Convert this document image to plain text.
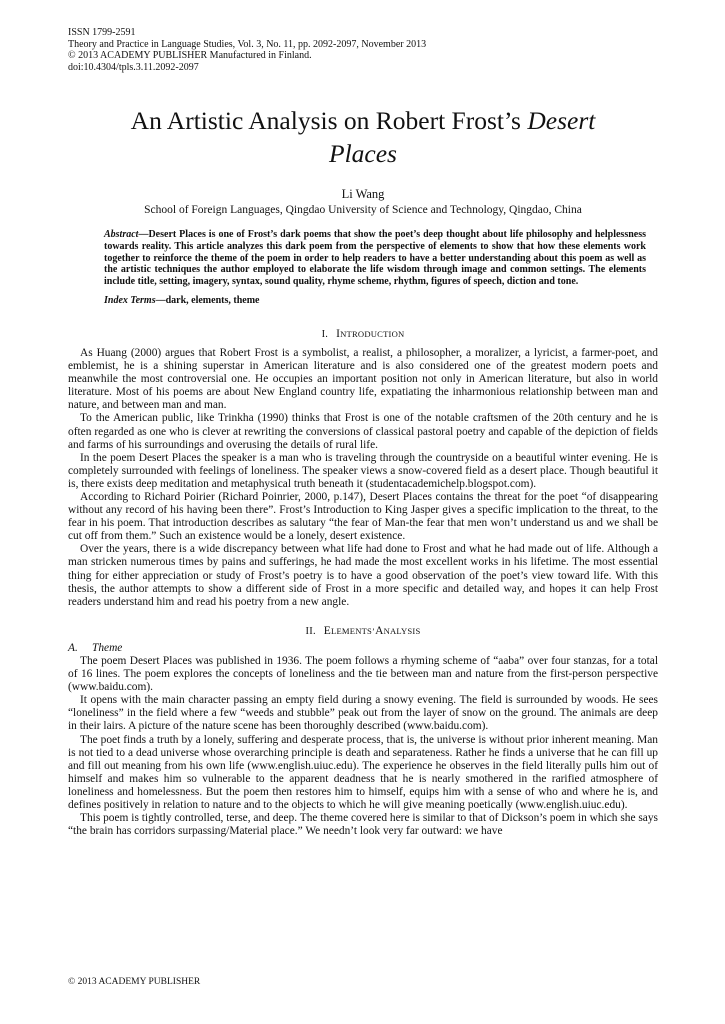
ISSN 1799-2591
Theory and Practice in Language Studies, Vol. 3, No. 11, pp. 2092-2097, November 2013
© 2013 ACADEMY PUBLISHER Manufactured in Finland.
doi:10.4304/tpls.3.11.2092-2097
An Artistic Analysis on Robert Frost’s Desert
Places
Li Wang
School of Foreign Languages, Qingdao University of Science and Technology, Qingdao, China
Abstract—Desert Places is one of Frost’s dark poems that show the poet’s deep thought about life philosophy and helplessness towards reality. This article analyzes this dark poem from the perspective of elements to show that how these elements work together to reinforce the theme of the poem in order to help readers to have a better understanding about this poem as well as the artistic techniques the author employed to elaborate the life wisdom through image and common settings. The elements include title, setting, imagery, syntax, sound quality, rhyme scheme, rhythm, figures of speech, diction and tone.
Index Terms—dark, elements, theme
I. INTRODUCTION

As Huang (2000) argues that Robert Frost is a symbolist, a realist, a philosopher, a moralizer, a lyricist, a farmer-poet, and emblemist, he is a shining superstar in American literature and is also considered one of the greatest modern poets and meanwhile the most controversial one. He occupies an important position not only in American literature, but also in world literature. Most of his poems are about New England country life, expatiating the inharmonious relationship between man and nature, and between man and man.

To the American public, like Trinkha (1990) thinks that Frost is one of the notable craftsmen of the 20th century and he is often regarded as one who is clever at rewriting the conversions of classical pastoral poetry and capable of the depiction of fields and farms of his surroundings and overusing the details of rural life.

In the poem Desert Places the speaker is a man who is traveling through the countryside on a beautiful winter evening. He is completely surrounded with feelings of loneliness. The speaker views a snow-covered field as a desert place. Though beautiful it is, there exists deep meditation and metaphysical truth beneath it (studentacademichelp.blogspot.com).

According to Richard Poirier (Richard Poinrier, 2000, p.147), Desert Places contains the threat for the poet “of disappearing without any record of his having been there”. Frost’s Introduction to King Jasper gives a specific implication to the threat, to the fear in his poem. That introduction describes as salutary “the fear of Man-the fear that men won’t understand us and we shall be cut off from them.” Such an existence would be a lonely, desert existence.

Over the years, there is a wide discrepancy between what life had done to Frost and what he had made out of life. Although a man stricken numerous times by pains and sufferings, he had made the most excellent works in his lifetime. The most essential thing for either appreciation or study of Frost’s poetry is to have a good observation of the poet’s view toward life. With this thesis, the author attempts to show a different side of Frost in a more specific and detailed way, and hopes it can help Frost readers understand him and read his poetry from a new angle.

II. ELEMENTS’ANALYSIS
A. Theme

The poem Desert Places was published in 1936. The poem follows a rhyming scheme of “aaba” over four stanzas, for a total of 16 lines. The poem explores the concepts of loneliness and the tie between man and nature from the first-person perspective (www.baidu.com).

It opens with the main character passing an empty field during a snowy evening. The field is surrounded by woods. He sees “loneliness” in the field where a few “weeds and stubble” peak out from the layer of snow on the ground. The animals are deep in their lairs. A picture of the nature scene has been thoroughly described (www.baidu.com).

The poet finds a truth by a lonely, suffering and desperate process, that is, the universe is without prior inherent meaning. Man is not tied to a dead universe whose overarching principle is death and separateness. Rather he finds a universe that he can fill up and fill out meaning from his own life (www.english.uiuc.edu). The experience he observes in the field literally pulls him out of himself and makes him so vulnerable to the apparent deadness that he is nearly smothered in the rarified atmosphere of loneliness and homelessness. But the poem then restores him to himself, equips him with a sense of who and where he is, and defines positively in relation to nature and to the objects to which he will give meaning poetically (www.english.uiuc.edu).

This poem is tightly controlled, terse, and deep. The theme covered here is similar to that of Dickson’s poem in which she says “the brain has corridors surpassing/Material place.” We needn’t look very far outward: we have

© 2013 ACADEMY PUBLISHER
